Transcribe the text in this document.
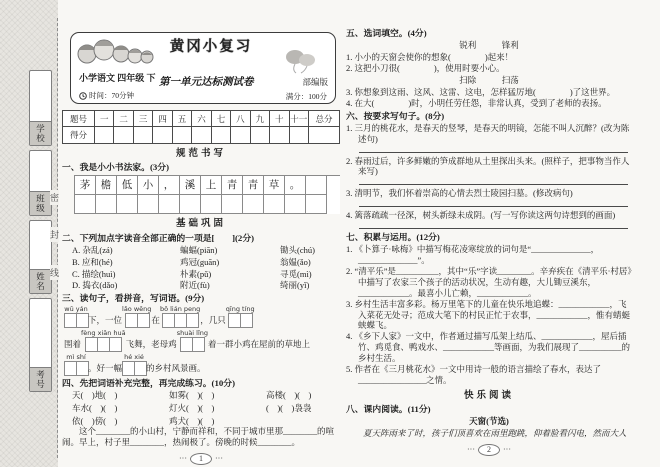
学校
班级
姓名
考号
密
封
线
黄冈小复习
小学语文 四年级 下 第一单元达标测试卷	部编版
时间：70分钟	满分：100分
题号	一	二	三	四	五	六	七	八	九	十 十一 总分
得分
规范书写
一、我是小小书法家。(3分)
茅	檐	低	小	，	溪	上	青	青	草	。
基础巩固
二、下列加点字读音全部正确的一项是[　　](2分)
A. 杂乱(zá)	蝙蝠(piān)	锄头(chú)
B. 应和(hé)	鸡冠(guān)	翁媪(ǎo)
C. 描绘(huì)	朴素(pǔ)	寻觅(mì)
D. 捣衣(dǎo)	附近(fù)	绮丽(yǐ)
三、读句子，看拼音，写词语。(9分)
wū yán
下，一位
lǎo wēng
在
bō lián peng
，几只
qīng tíng
围着
fèng xiān huā
飞舞，老母鸡
shuài lǐng
着一群小鸡在屋前的草地上
mì shí
。好一幅
hé xié
的乡村风景画。
四、先把词语补充完整，再完成练习。(10分)
天(　)地(　)	如雾(　)(　)	高楼(　)(　)
车水(　)(　)	灯火(　)(　)	(　)(　)袅袅
依(　)傍(　)	鸡犬(　)(　)
　　这个________的小山村，宁静而祥和，不同于城市里那________的喧闹。早上，村子里________，热闹极了。傍晚的时候________。
··· 1 ···
五、选词填空。(4分)
锐利　　　锋利
1. 小小的天窗会使你的想象(　　　　)起来！
2. 这把小刀很(　　　　)，使用时要小心。
扫除　　　扫荡
3. 你想象到这雨、这风、这雷、这电，怎样猛厉地(　　　　)了这世界。
4. 在大(　　　　)时，小明任劳任怨，非常认真，受到了老师的表扬。
六、按要求写句子。(8分)
1. 三月的桃花水，是春天的竖琴，是春天的明镜，怎能不叫人沉醉？(改为陈述句)
2. 春雨过后，许多鲜嫩的笋成群地从土里探出头来。(照样子，把事物当作人来写)
3. 清明节，我们怀着崇高的心情去烈士陵园扫墓。(修改病句)
4. 篱落疏疏一径深，树头新绿未成阴。(写一写你读这两句诗想到的画面)
七、积累与运用。(12分)
1. 《卜算子·咏梅》中描写梅花凌寒绽放的词句是“______________，______________”。
2. “清平乐”是__________，其中“乐”字读________。辛弃疾在《清平乐·村居》中描写了农家三个孩子的活动状况，生动有趣，大儿锄豆溪东，____________。最喜小儿亡赖，____________。
3. 乡村生活丰富多彩。杨万里笔下的儿童在快乐地追蝶：____________，飞入菜花无处寻；范成大笔下的村民正忙于农事，____________，惟有蜻蜓蛱蝶飞。
4. 《乡下人家》一文中，作者通过描写瓜架上结瓜、____________，屋后插竹、鸡觅食、鸭戏水、____________等画面，为我们展现了__________的乡村生活。
5. 作者在《三月桃花水》一文中用诗一般的语言描绘了春水，表达了________________之情。
快乐阅读
八、课内阅读。(11分)
天窗(节选)
　　夏天阵雨来了时，孩子们顶喜欢在雨里跑跳，仰着脸看闪电，然而大人
··· 2 ···
